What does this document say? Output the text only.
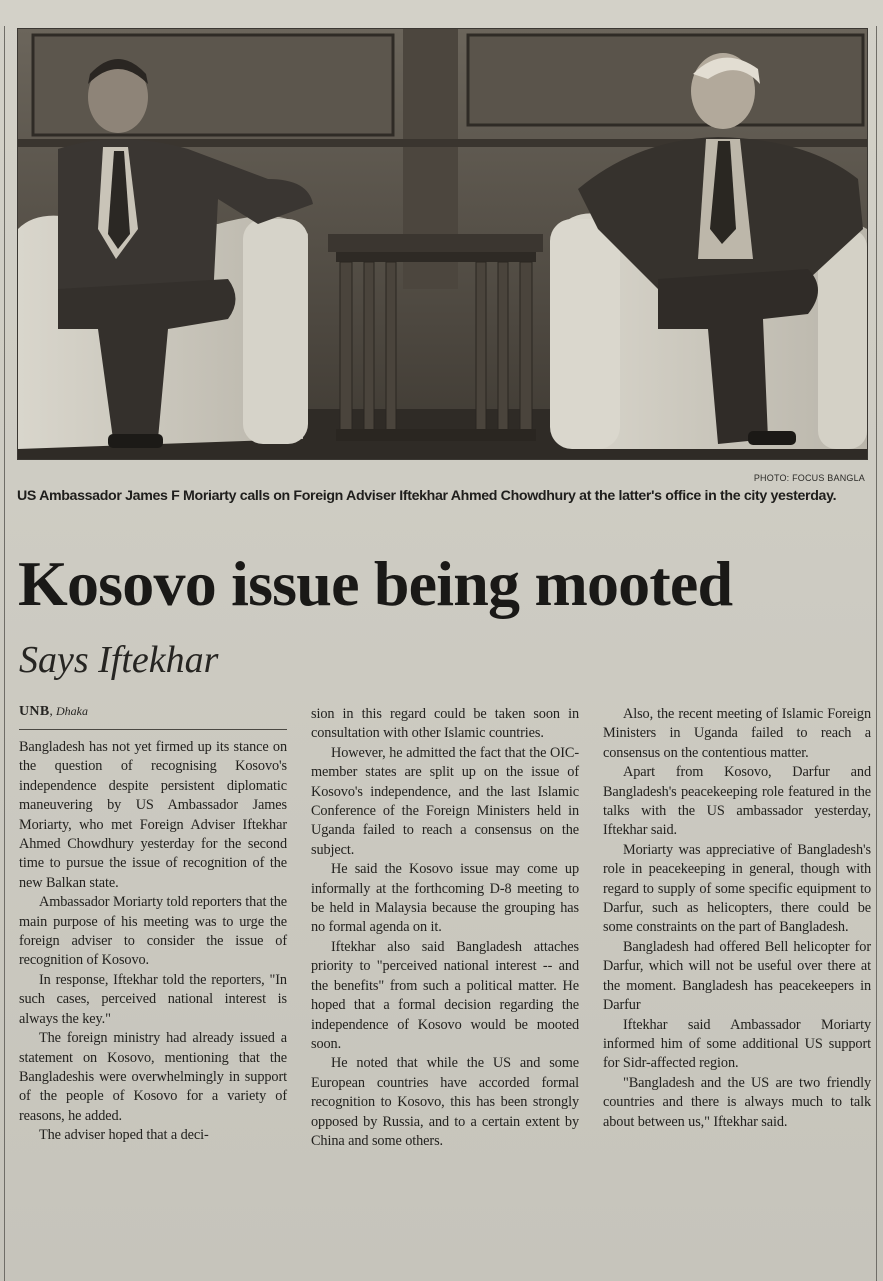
PHOTO: FOCUS BANGLA
US Ambassador James F Moriarty calls on Foreign Adviser Iftekhar Ahmed Chowdhury at the latter's office in the city yesterday.
Kosovo issue being mooted
Says Iftekhar
UNB, Dhaka

Bangladesh has not yet firmed up its stance on the question of recognising Kosovo's independence despite persistent diplomatic maneuvering by US Ambassador James Moriarty, who met Foreign Adviser Iftekhar Ahmed Chowdhury yesterday for the second time to pursue the issue of recognition of the new Balkan state.

Ambassador Moriarty told reporters that the main purpose of his meeting was to urge the foreign adviser to consider the issue of recognition of Kosovo.

In response, Iftekhar told the reporters, "In such cases, perceived national interest is always the key."

The foreign ministry had already issued a statement on Kosovo, mentioning that the Bangladeshis were overwhelmingly in support of the people of Kosovo for a variety of reasons, he added.

The adviser hoped that a deci-

sion in this regard could be taken soon in consultation with other Islamic countries.

However, he admitted the fact that the OIC-member states are split up on the issue of Kosovo's independence, and the last Islamic Conference of the Foreign Ministers held in Uganda failed to reach a consensus on the subject.

He said the Kosovo issue may come up informally at the forthcoming D-8 meeting to be held in Malaysia because the grouping has no formal agenda on it.

Iftekhar also said Bangladesh attaches priority to "perceived national interest -- and the benefits" from such a political matter. He hoped that a formal decision regarding the independence of Kosovo would be mooted soon.

He noted that while the US and some European countries have accorded formal recognition to Kosovo, this has been strongly opposed by Russia, and to a certain extent by China and some others.

Also, the recent meeting of Islamic Foreign Ministers in Uganda failed to reach a consensus on the contentious matter.

Apart from Kosovo, Darfur and Bangladesh's peacekeeping role featured in the talks with the US ambassador yesterday, Iftekhar said.

Moriarty was appreciative of Bangladesh's role in peacekeeping in general, though with regard to supply of some specific equipment to Darfur, such as helicopters, there could be some constraints on the part of Bangladesh.

Bangladesh had offered Bell helicopter for Darfur, which will not be useful over there at the moment. Bangladesh has peacekeepers in Darfur

Iftekhar said Ambassador Moriarty informed him of some additional US support for Sidr-affected region.

"Bangladesh and the US are two friendly countries and there is always much to talk about between us," Iftekhar said.
